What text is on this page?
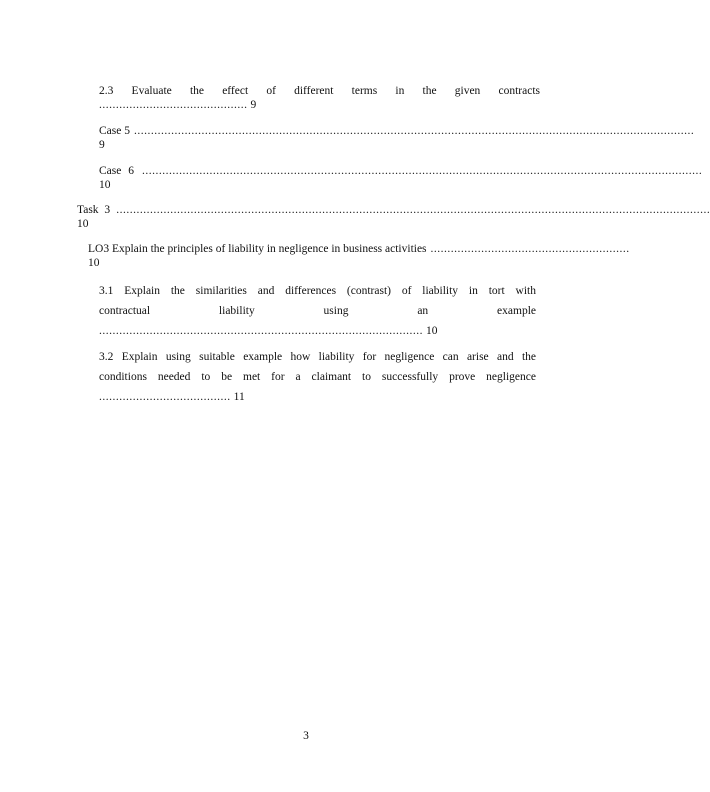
2.3 Evaluate the effect of different terms in the given contracts
............................................ 9
Case 5 ......................................................................................................................................................................
9
Case 6 ......................................................................................................................................................................
10
Task 3 ................................................................................................................................................................................
10
LO3 Explain the principles of liability in negligence in business activities ...........................................................
10
3.1 Explain the similarities and differences (contrast) of liability in tort with
contractual liability using an example
................................................................................................ 10
3.2 Explain using suitable example how liability for negligence can arise and the
conditions needed to be met for a claimant to successfully prove negligence
....................................... 11
3
